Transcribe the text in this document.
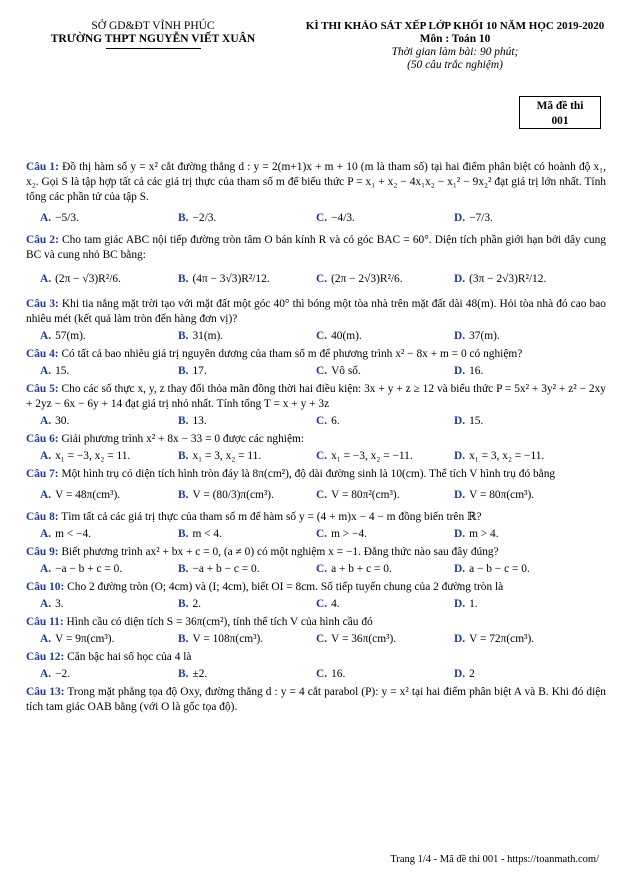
SỞ GD&ĐT VĨNH PHÚC
TRƯỜNG THPT NGUYỄN VIẾT XUÂN
KÌ THI KHẢO SÁT XẾP LỚP KHỐI 10 NĂM HỌC 2019-2020
Môn : Toán 10
Thời gian làm bài: 90 phút;
(50 câu trắc nghiệm)
Mã đề thi
001
Câu 1: Đồ thị hàm số y = x² cắt đường thẳng d : y = 2(m+1)x + m + 10 (m là tham số) tại hai điểm phân biệt có hoành độ x₁, x₂. Gọi S là tập hợp tất cả các giá trị thực của tham số m để biểu thức P = x₁ + x₂ − 4x₁x₂ − x₁² − 9x₂² đạt giá trị lớn nhất. Tính tổng các phần tử của tập S.
A. −5/3.	B. −2/3.	C. −4/3.	D. −7/3.
Câu 2: Cho tam giác ABC nội tiếp đường tròn tâm O bán kính R và có góc BAC = 60°. Diện tích phần giới hạn bởi dây cung BC và cung nhỏ BC bằng:
A. (2π − √3)R²/6.	B. (4π − 3√3)R²/12.	C. (2π − 2√3)R²/6.	D. (3π − 2√3)R²/12.
Câu 3: Khi tia nắng mặt trời tạo với mặt đất một góc 40° thì bóng một tòa nhà trên mặt đất dài 48(m). Hỏi tòa nhà đó cao bao nhiêu mét (kết quả làm tròn đến hàng đơn vị)?
A. 57(m).	B. 31(m).	C. 40(m).	D. 37(m).
Câu 4: Có tất cả bao nhiêu giá trị nguyên dương của tham số m để phương trình x² − 8x + m = 0 có nghiệm?
A. 15.	B. 17.	C. Vô số.	D. 16.
Câu 5: Cho các số thực x, y, z thay đổi thỏa mãn đồng thời hai điều kiện: 3x + y + z ≥ 12 và biểu thức P = 5x² + 3y² + z² − 2xy + 2yz − 6x − 6y + 14 đạt giá trị nhỏ nhất. Tính tổng T = x + y + 3z
A. 30.	B. 13.	C. 6.	D. 15.
Câu 6: Giải phương trình x² + 8x − 33 = 0 được các nghiệm:
A. x₁ = −3, x₂ = 11.	B. x₁ = 3, x₂ = 11.	C. x₁ = −3, x₂ = −11.	D. x₁ = 3, x₂ = −11.
Câu 7: Một hình trụ có diện tích hình tròn đáy là 8π(cm²), độ dài đường sinh là 10(cm). Thể tích V hình trụ đó bằng
A. V = 48π(cm³).	B. V = (80/3)π(cm³).	C. V = 80π²(cm³).	D. V = 80π(cm³).
Câu 8: Tìm tất cả các giá trị thực của tham số m để hàm số y = (4 + m)x − 4 − m đồng biến trên ℝ?
A. m < −4.	B. m < 4.	C. m > −4.	D. m > 4.
Câu 9: Biết phương trình ax² + bx + c = 0, (a ≠ 0) có một nghiệm x = −1. Đẳng thức nào sau đây đúng?
A. −a − b + c = 0.	B. −a + b − c = 0.	C. a + b + c = 0.	D. a − b − c = 0.
Câu 10: Cho 2 đường tròn (O; 4cm) và (I; 4cm), biết OI = 8cm. Số tiếp tuyến chung của 2 đường tròn là
A. 3.	B. 2.	C. 4.	D. 1.
Câu 11: Hình cầu có diện tích S = 36π(cm²), tính thể tích V của hình cầu đó
A. V = 9π(cm³).	B. V = 108π(cm³).	C. V = 36π(cm³).	D. V = 72π(cm³).
Câu 12: Căn bậc hai số học của 4 là
A. −2.	B. ±2.	C. 16.	D. 2
Câu 13: Trong mặt phẳng tọa độ Oxy, đường thẳng d : y = 4 cắt parabol (P): y = x² tại hai điểm phân biệt A và B. Khi đó diện tích tam giác OAB bằng (với O là gốc tọa độ).
Trang 1/4 - Mã đề thi 001 - https://toanmath.com/
